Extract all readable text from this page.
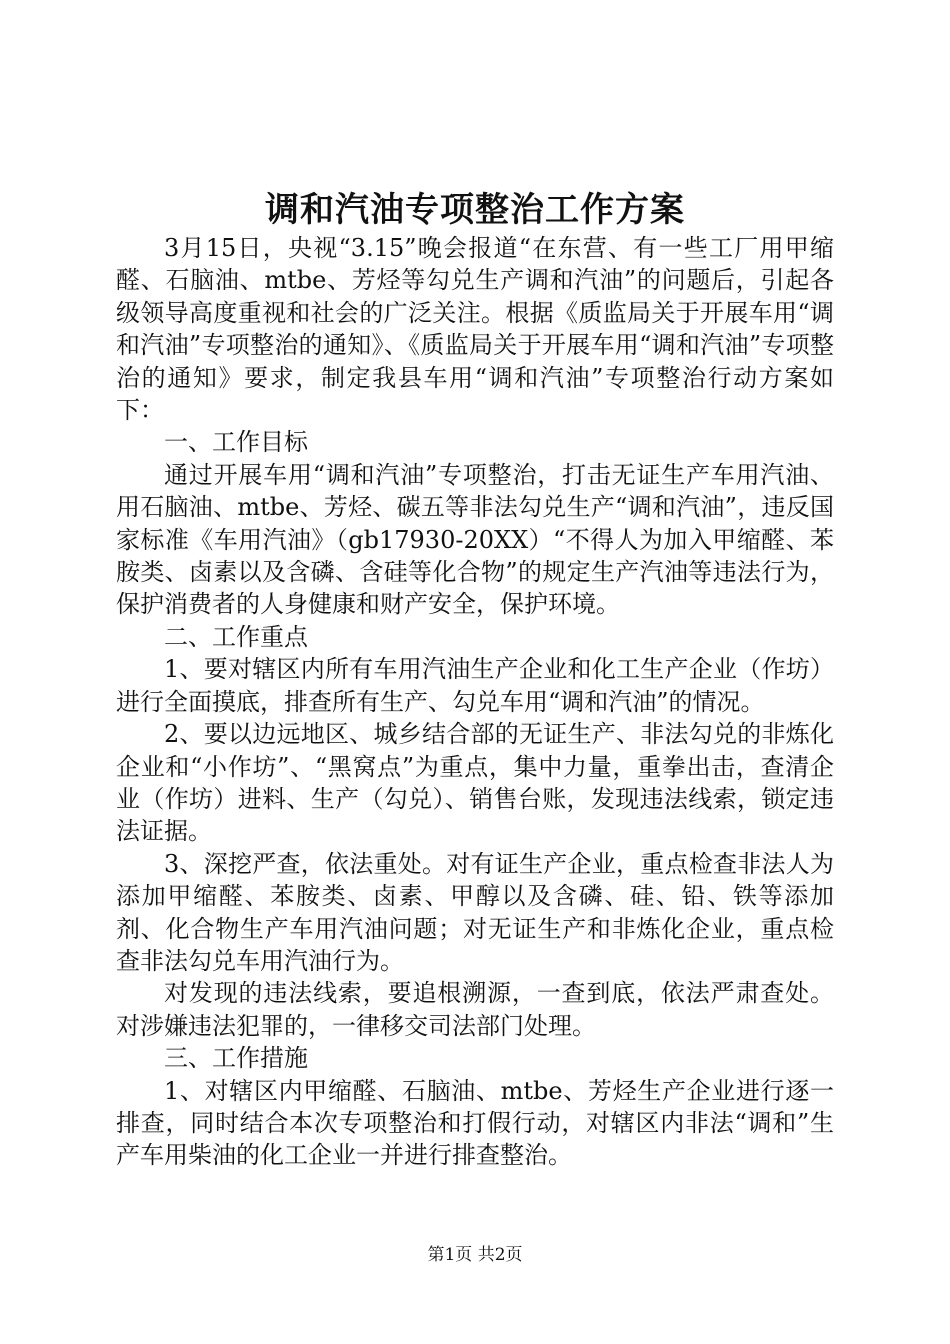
调和汽油专项整治工作方案

3月15日，央视“3.15”晚会报道“在东营、有一些工厂用甲缩醛、石脑油、mtbe、芳烃等勾兑生产调和汽油”的问题后，引起各级领导高度重视和社会的广泛关注。根据《质监局关于开展车用“调和汽油”专项整治的通知》、《质监局关于开展车用“调和汽油”专项整治的通知》要求，制定我县车用“调和汽油”专项整治行动方案如下：

一、工作目标

通过开展车用“调和汽油”专项整治，打击无证生产车用汽油、用石脑油、mtbe、芳烃、碳五等非法勾兑生产“调和汽油”，违反国家标准《车用汽油》（gb17930-20XX）“不得人为加入甲缩醛、苯胺类、卤素以及含磷、含硅等化合物”的规定生产汽油等违法行为，保护消费者的人身健康和财产安全，保护环境。

二、工作重点

1、要对辖区内所有车用汽油生产企业和化工生产企业（作坊）进行全面摸底，排查所有生产、勾兑车用“调和汽油”的情况。

2、要以边远地区、城乡结合部的无证生产、非法勾兑的非炼化企业和“小作坊”、“黑窝点”为重点，集中力量，重拳出击，查清企业（作坊）进料、生产（勾兑）、销售台账，发现违法线索，锁定违法证据。

3、深挖严查，依法重处。对有证生产企业，重点检查非法人为添加甲缩醛、苯胺类、卤素、甲醇以及含磷、硅、铅、铁等添加剂、化合物生产车用汽油问题；对无证生产和非炼化企业，重点检查非法勾兑车用汽油行为。

对发现的违法线索，要追根溯源，一查到底，依法严肃查处。对涉嫌违法犯罪的，一律移交司法部门处理。

三、工作措施

1、对辖区内甲缩醛、石脑油、mtbe、芳烃生产企业进行逐一排查，同时结合本次专项整治和打假行动，对辖区内非法“调和”生产车用柴油的化工企业一并进行排查整治。

第1页 共2页
